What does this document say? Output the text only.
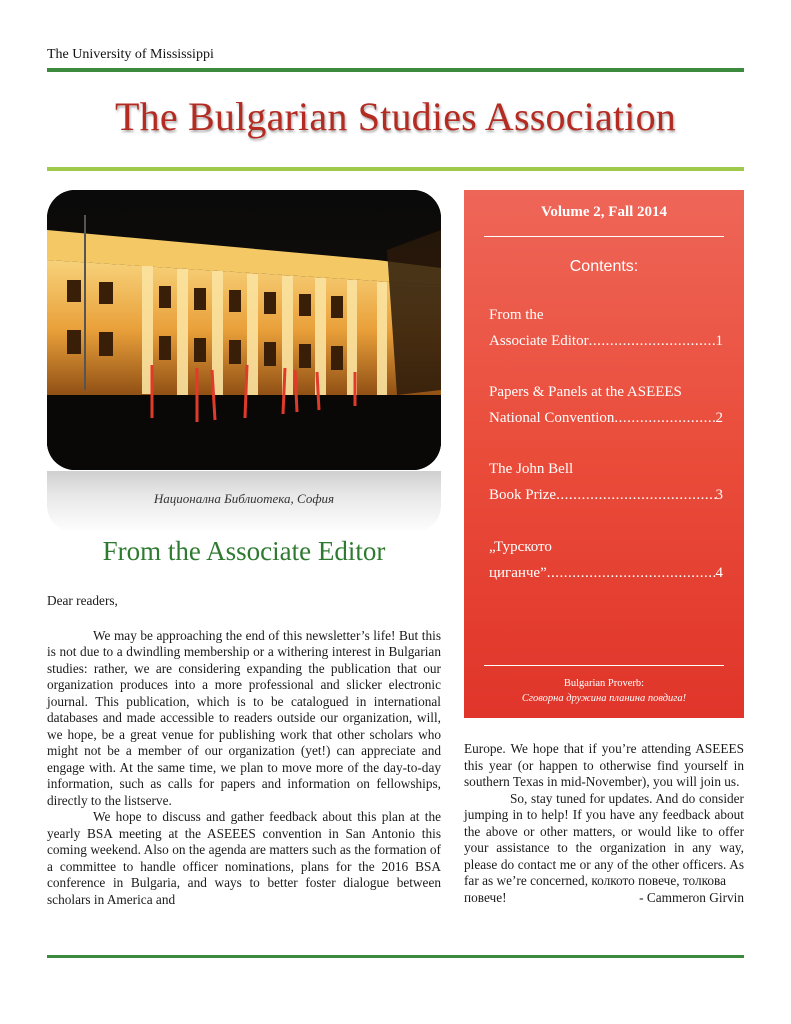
The University of Mississippi
The Bulgarian Studies Association
Национална Библиотека, София
Volume 2, Fall 2014
Contents:
From the
Associate Editor .....	1
Papers & Panels at the ASEEES
National Convention .....	2
The John Bell
Book Prize .....	3
„Турското
циганче” .....	4
Bulgarian Proverb:
Сговорна дружина планина повдига!
From the Associate Editor

Dear readers,

We may be approaching the end of this newsletter’s life! But this is not due to a dwindling membership or a withering interest in Bulgarian studies: rather, we are considering expanding the publication that our organization produces into a more professional and slicker electronic journal. This publication, which is to be catalogued in international databases and made accessible to readers outside our organization, will, we hope, be a great venue for publishing work that other scholars who might not be a member of our organization (yet!) can appreciate and engage with. At the same time, we plan to move more of the day-to-day information, such as calls for papers and information on fellowships, directly to the listserve.

We hope to discuss and gather feedback about this plan at the yearly BSA meeting at the ASEEES convention in San Antonio this coming weekend. Also on the agenda are matters such as the formation of a committee to handle officer nominations, plans for the 2016 BSA conference in Bulgaria, and ways to better foster dialogue between scholars in America and

Europe. We hope that if you’re attending ASEEES this year (or happen to otherwise find yourself in southern Texas in mid-November), you will join us.

So, stay tuned for updates. And do consider jumping in to help! If you have any feedback about the above or other matters, or would like to offer your assistance to the organization in any way, please do contact me or any of the other officers. As far as we’re concerned, колкото повече, толкова

повече!	- Cammeron Girvin
